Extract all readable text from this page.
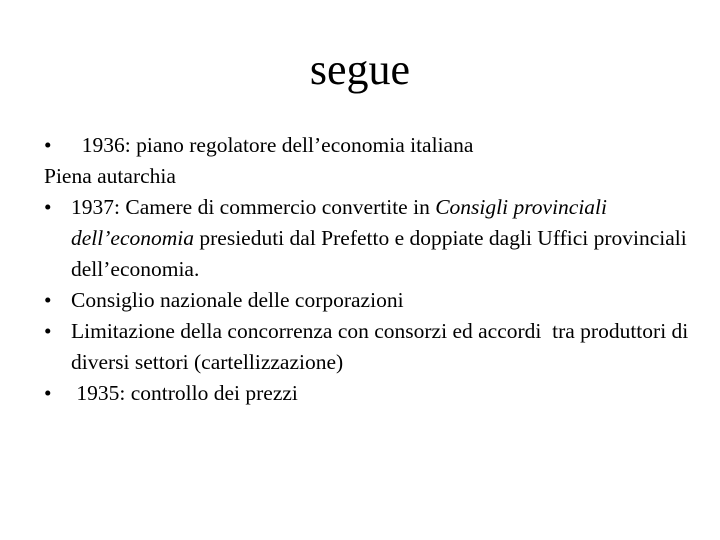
segue
• 1936: piano regolatore dell’economia italiana
Piena autarchia
• 1937: Camere di commercio convertite in Consigli provinciali dell’economia presieduti dal Prefetto e doppiate dagli Uffici provinciali dell’economia.
• Consiglio nazionale delle corporazioni
• Limitazione della concorrenza con consorzi ed accordi  tra produttori di diversi settori (cartellizzazione)
• 1935: controllo dei prezzi
